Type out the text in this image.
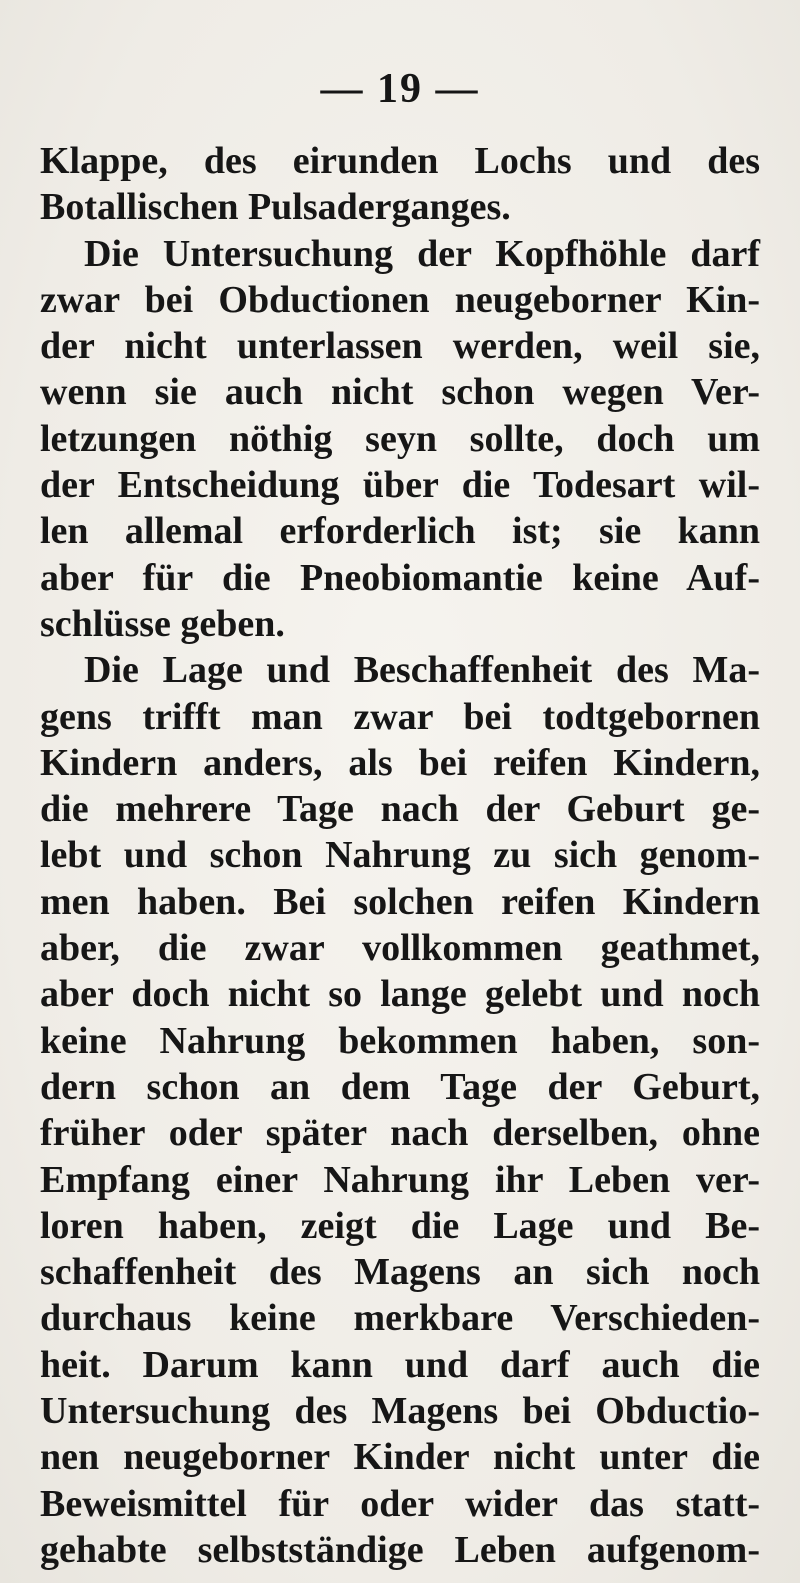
— 19 —
Klappe, des eirunden Lochs und des
Botallischen Pulsaderganges.
Die Untersuchung der Kopfhöhle darf
zwar bei Obductionen neugeborner Kin-
der nicht unterlassen werden, weil sie,
wenn sie auch nicht schon wegen Ver-
letzungen nöthig seyn sollte, doch um
der Entscheidung über die Todesart wil-
len allemal erforderlich ist; sie kann
aber für die Pneobiomantie keine Auf-
schlüsse geben.
Die Lage und Beschaffenheit des Ma-
gens trifft man zwar bei todtgebornen
Kindern anders, als bei reifen Kindern,
die mehrere Tage nach der Geburt ge-
lebt und schon Nahrung zu sich genom-
men haben. Bei solchen reifen Kindern
aber, die zwar vollkommen geathmet,
aber doch nicht so lange gelebt und noch
keine Nahrung bekommen haben, son-
dern schon an dem Tage der Geburt,
früher oder später nach derselben, ohne
Empfang einer Nahrung ihr Leben ver-
loren haben, zeigt die Lage und Be-
schaffenheit des Magens an sich noch
durchaus keine merkbare Verschieden-
heit. Darum kann und darf auch die
Untersuchung des Magens bei Obductio-
nen neugeborner Kinder nicht unter die
Beweismittel für oder wider das statt-
gehabte selbstständige Leben aufgenom-
